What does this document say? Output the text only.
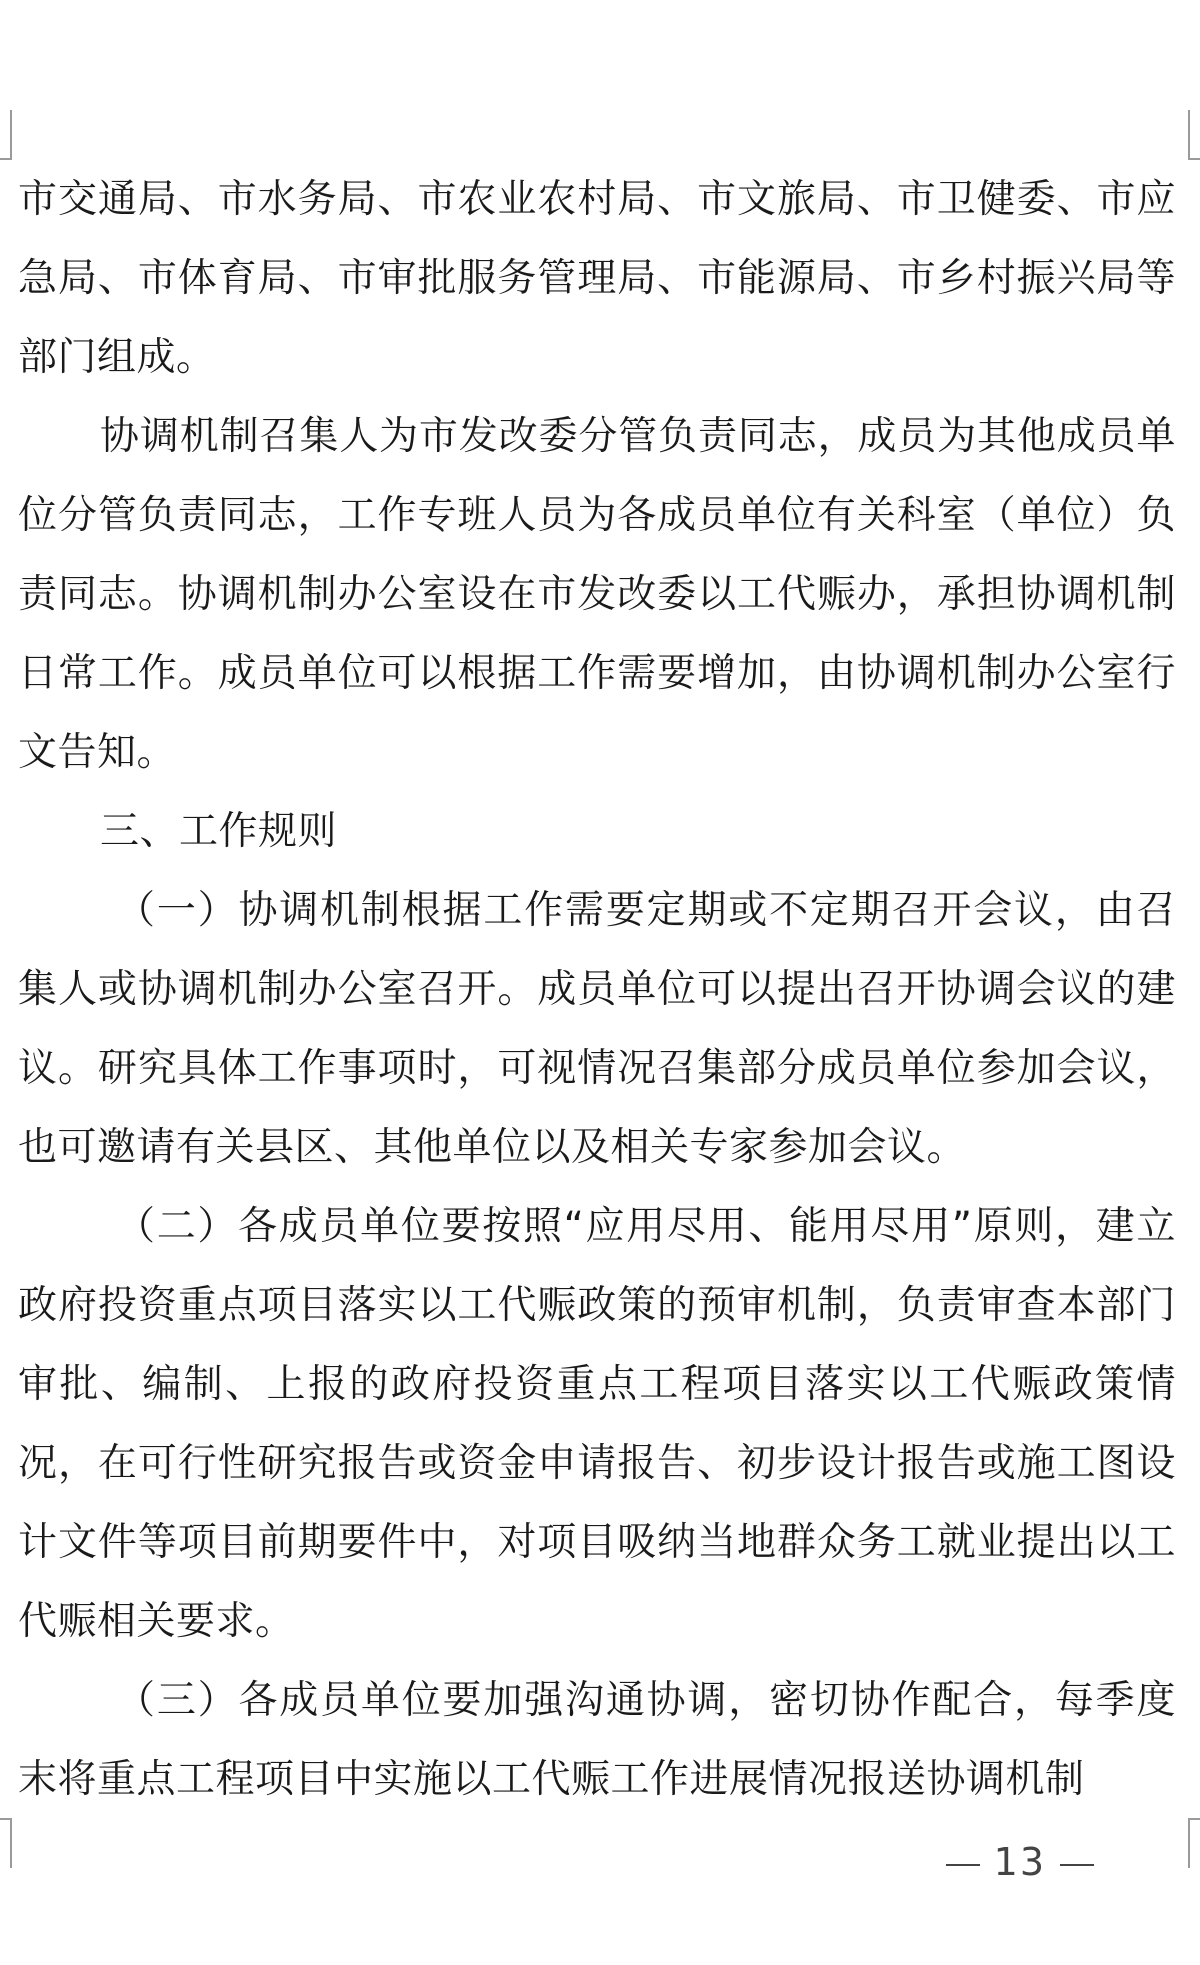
市交通局、市水务局、市农业农村局、市文旅局、市卫健委、市应急局、市体育局、市审批服务管理局、市能源局、市乡村振兴局等部门组成。

协调机制召集人为市发改委分管负责同志，成员为其他成员单位分管负责同志，工作专班人员为各成员单位有关科室（单位）负责同志。协调机制办公室设在市发改委以工代赈办，承担协调机制日常工作。成员单位可以根据工作需要增加，由协调机制办公室行文告知。

三、工作规则

（一）协调机制根据工作需要定期或不定期召开会议，由召集人或协调机制办公室召开。成员单位可以提出召开协调会议的建议。研究具体工作事项时，可视情况召集部分成员单位参加会议，也可邀请有关县区、其他单位以及相关专家参加会议。

（二）各成员单位要按照“应用尽用、能用尽用”原则，建立政府投资重点项目落实以工代赈政策的预审机制，负责审查本部门审批、编制、上报的政府投资重点工程项目落实以工代赈政策情况，在可行性研究报告或资金申请报告、初步设计报告或施工图设计文件等项目前期要件中，对项目吸纳当地群众务工就业提出以工代赈相关要求。

（三）各成员单位要加强沟通协调，密切协作配合，每季度末将重点工程项目中实施以工代赈工作进展情况报送协调机制

13
